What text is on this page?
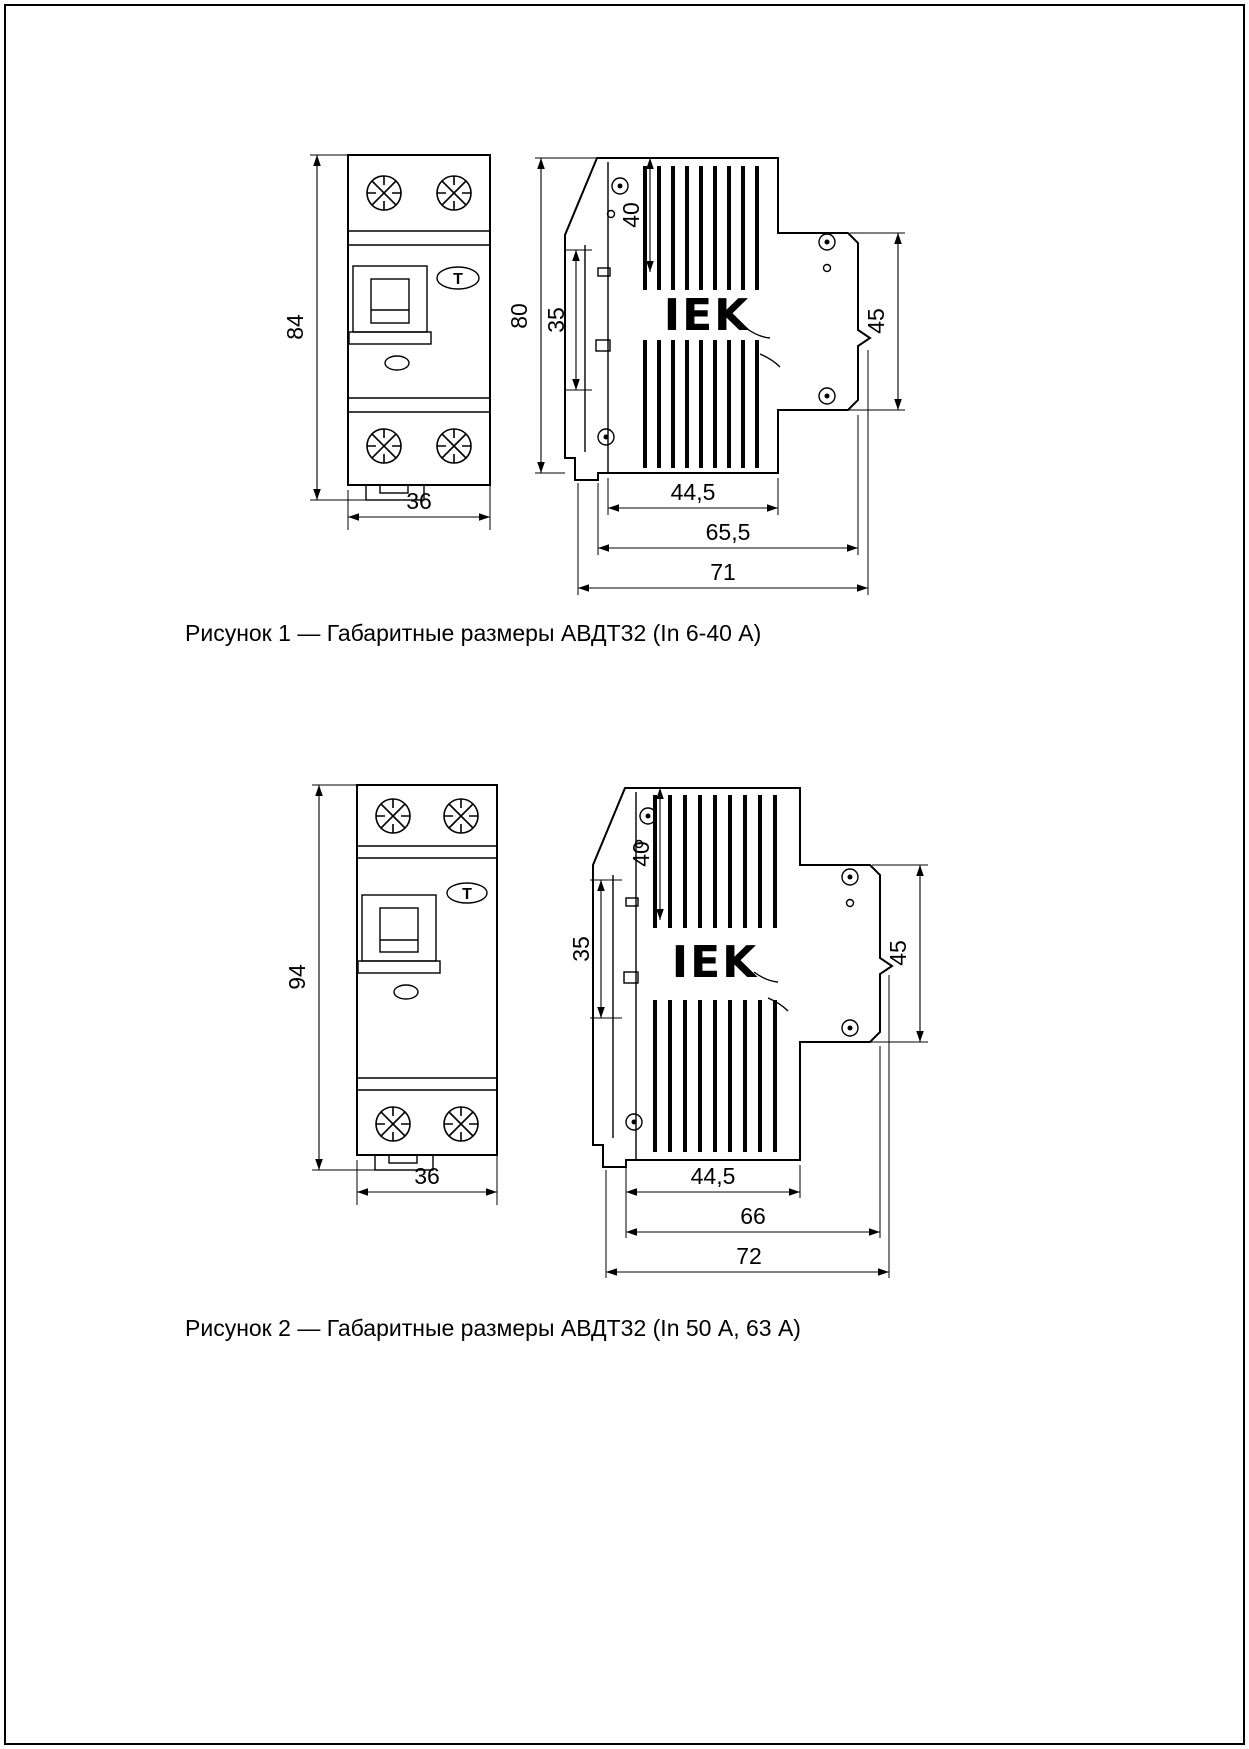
T
84
36
IEK
80
40
35	45
44,5
65,5
71
T
94
36
IEK
40
35	45
44,5
66
72
Рисунок 1 — Габаритные размеры АВДТ32 (In 6-40 А)
Рисунок 2 — Габаритные размеры АВДТ32 (In 50 А, 63 А)
